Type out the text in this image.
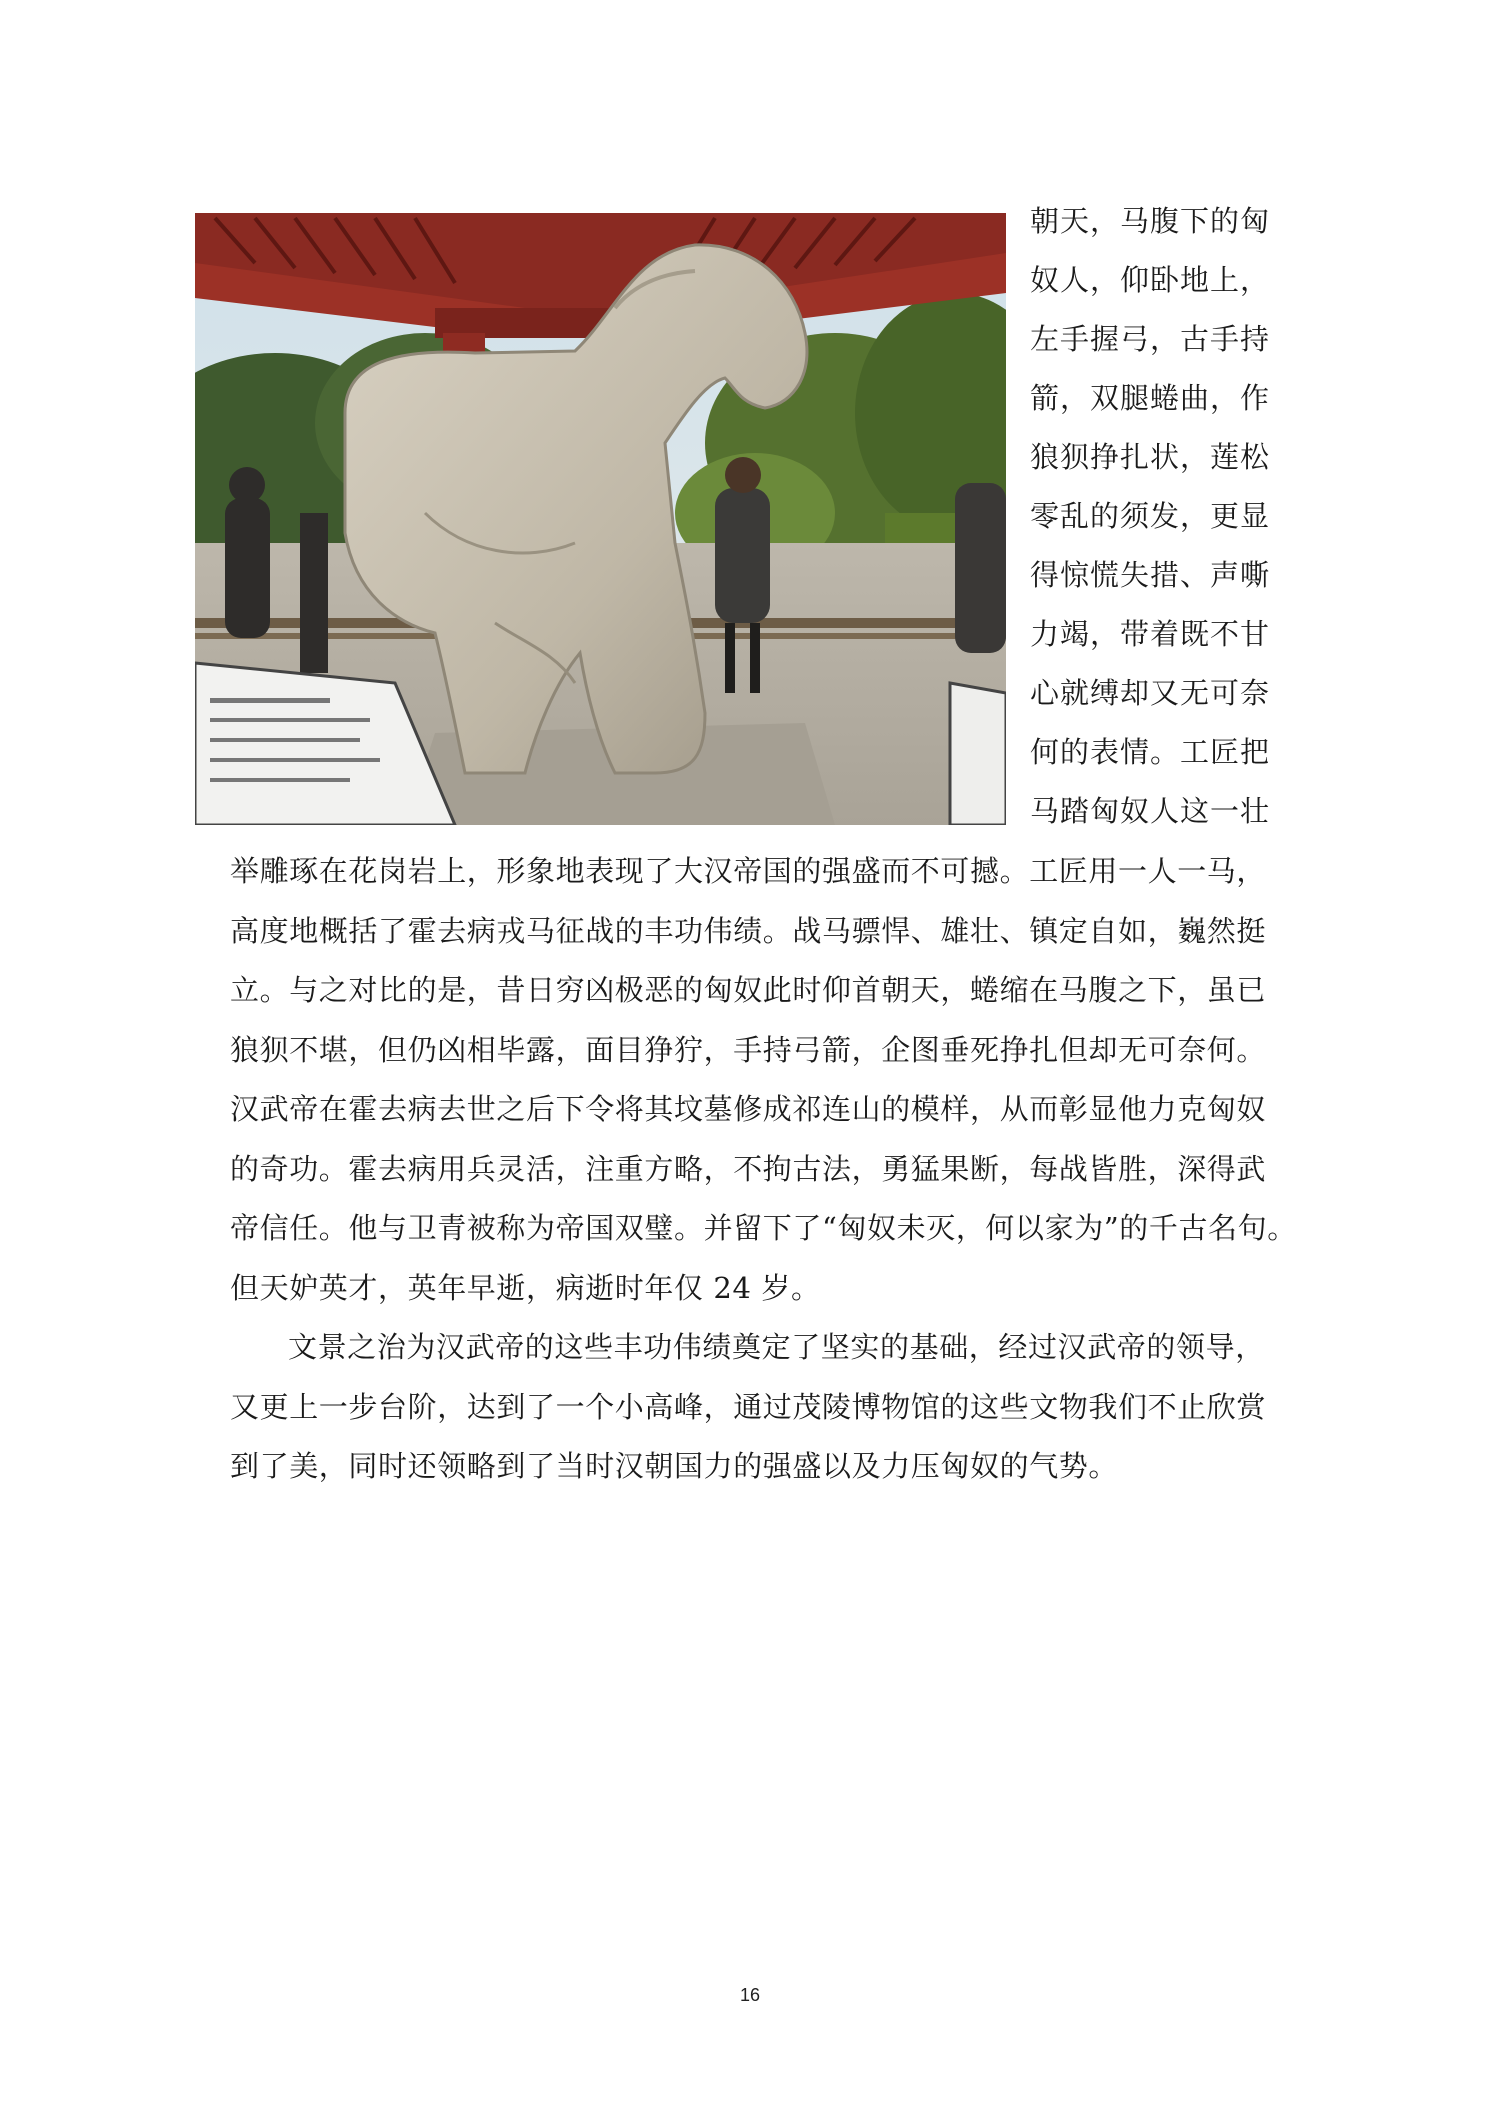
朝天，马腹下的匈
奴人，仰卧地上，
左手握弓，古手持
箭，双腿蜷曲，作
狼狈挣扎状，莲松
零乱的须发，更显
得惊慌失措、声嘶
力竭，带着既不甘
心就缚却又无可奈
何的表情。工匠把
马踏匈奴人这一壮
举雕琢在花岗岩上，形象地表现了大汉帝国的强盛而不可撼。工匠用一人一马，
高度地概括了霍去病戎马征战的丰功伟绩。战马骠悍、雄壮、镇定自如，巍然挺
立。与之对比的是，昔日穷凶极恶的匈奴此时仰首朝天，蜷缩在马腹之下，虽已
狼狈不堪，但仍凶相毕露，面目狰狞，手持弓箭，企图垂死挣扎但却无可奈何。
汉武帝在霍去病去世之后下令将其坟墓修成祁连山的模样，从而彰显他力克匈奴
的奇功。霍去病用兵灵活，注重方略，不拘古法，勇猛果断，每战皆胜，深得武
帝信任。他与卫青被称为帝国双璧。并留下了“匈奴未灭，何以家为”的千古名句。
但天妒英才，英年早逝，病逝时年仅 24 岁。
文景之治为汉武帝的这些丰功伟绩奠定了坚实的基础，经过汉武帝的领导，
又更上一步台阶，达到了一个小高峰，通过茂陵博物馆的这些文物我们不止欣赏
到了美，同时还领略到了当时汉朝国力的强盛以及力压匈奴的气势。
16
